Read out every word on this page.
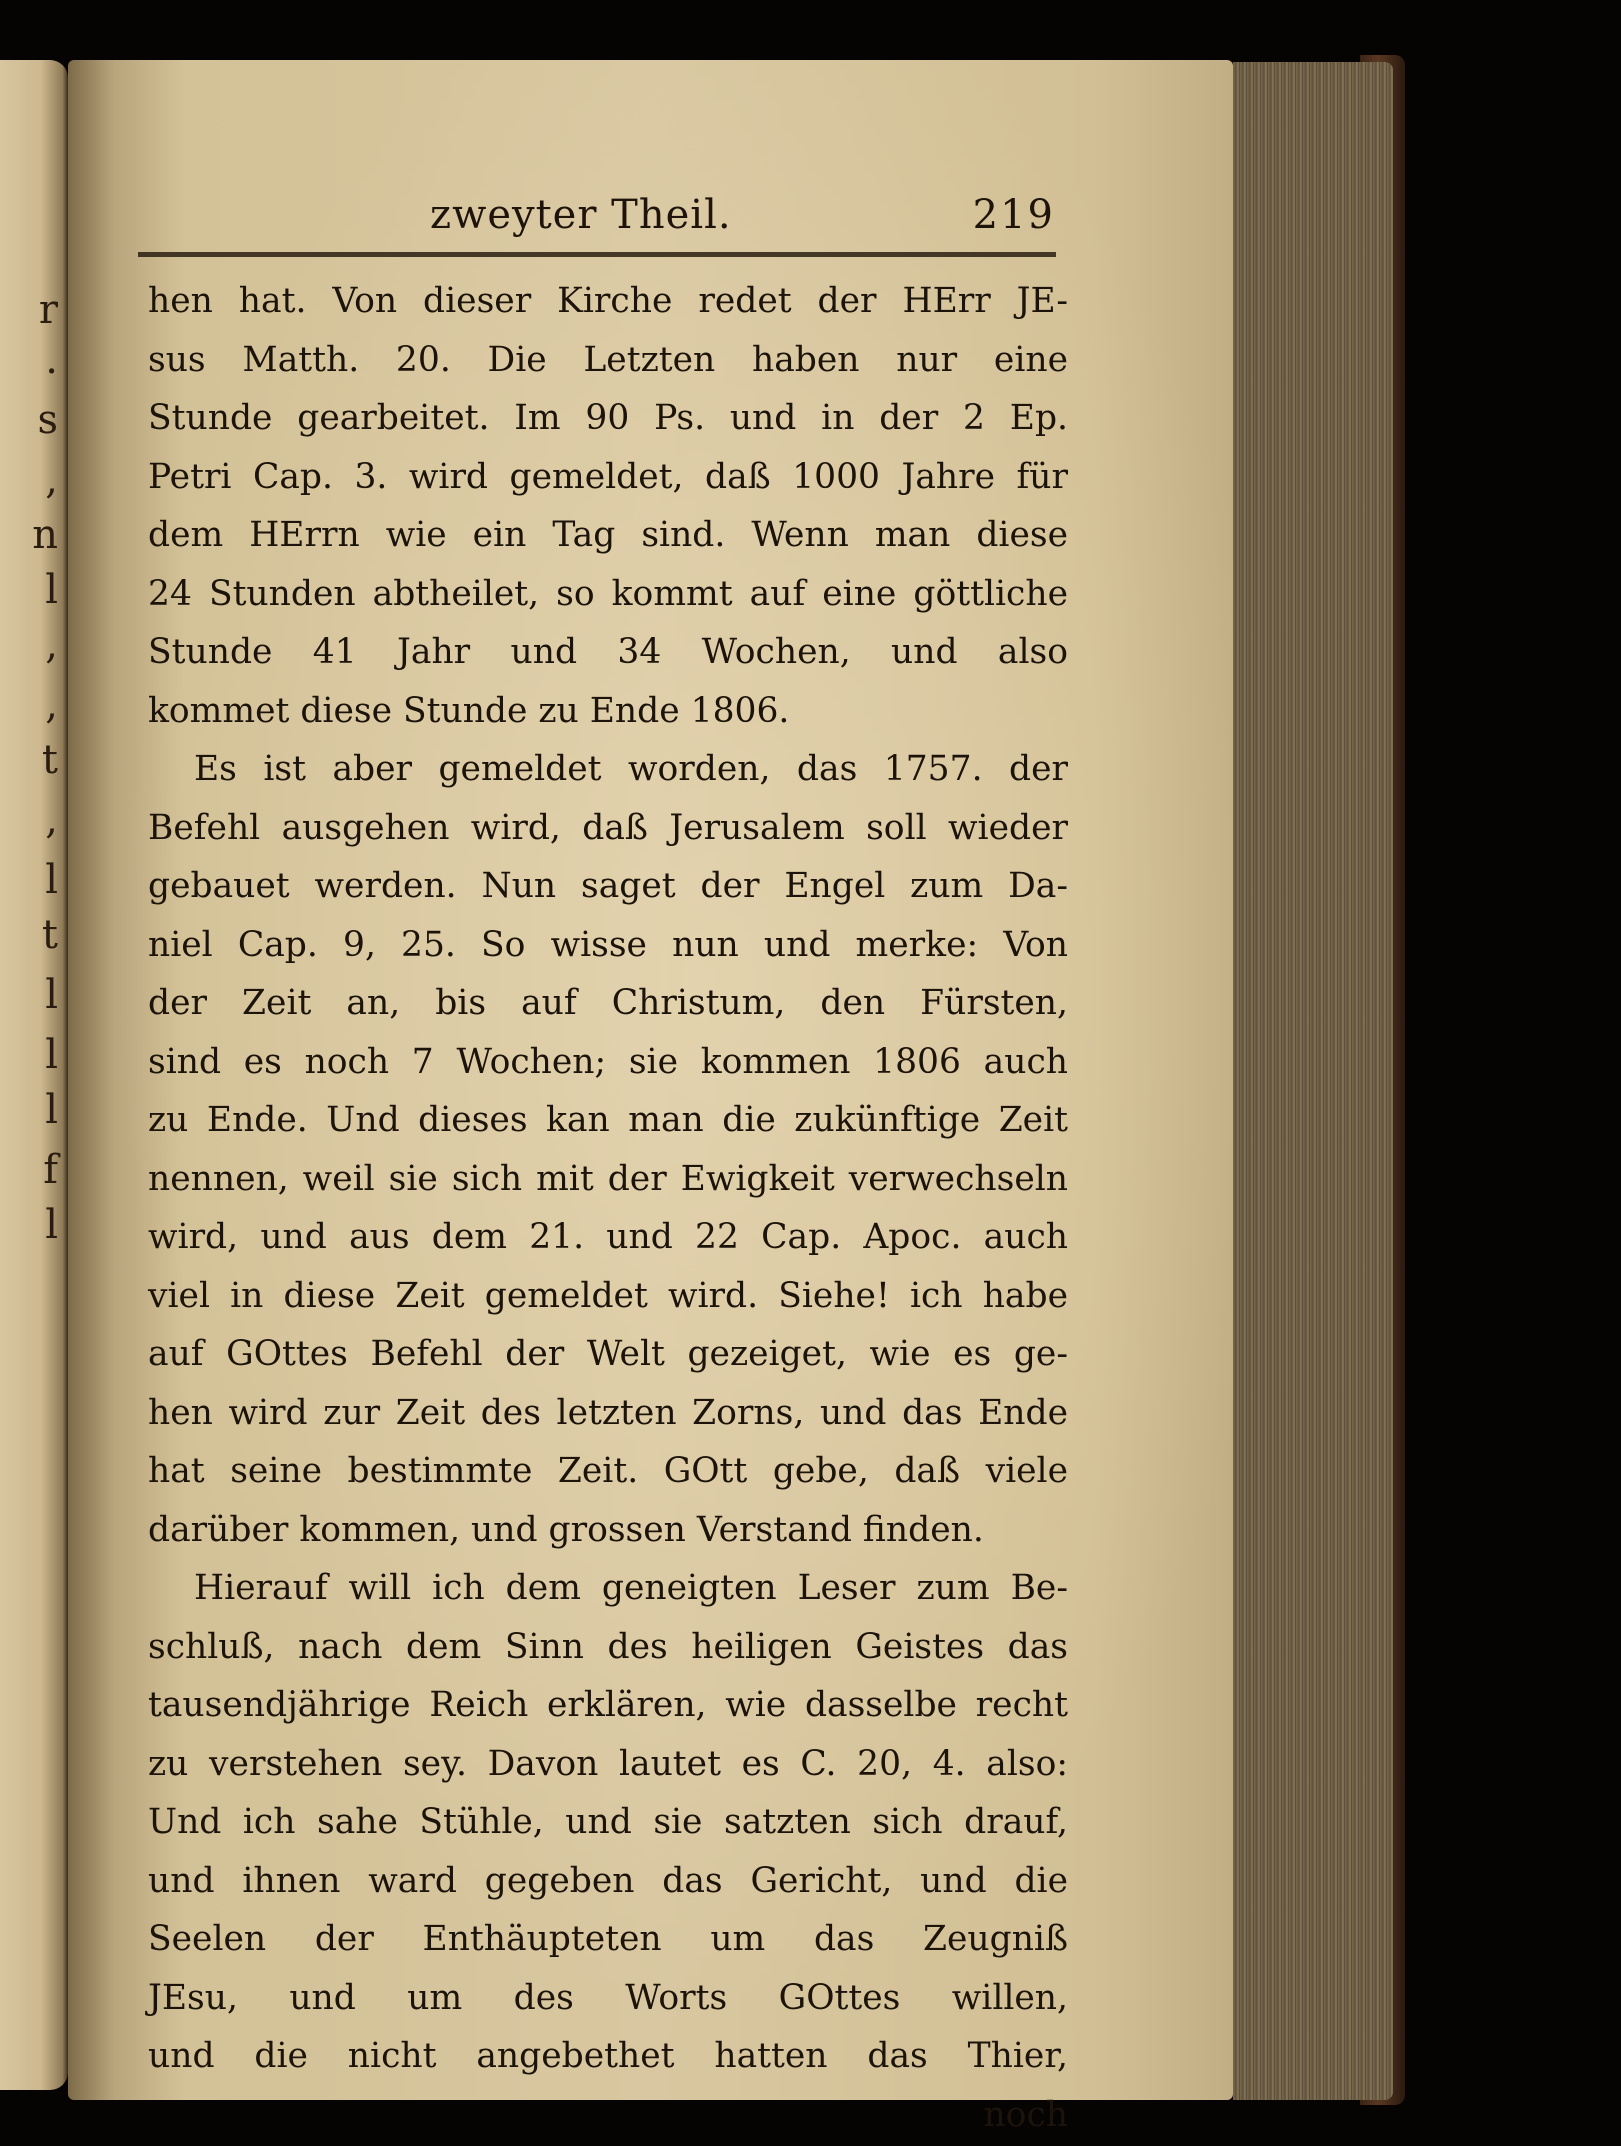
r
.
s
,
n
l
,
,
t
,
l
t
l
l
l
f
l
zweyter Theil.	219
hen hat. Von dieser Kirche redet der HErr JE-
sus Matth. 20. Die Letzten haben nur eine
Stunde gearbeitet. Im 90 Ps. und in der 2 Ep.
Petri Cap. 3. wird gemeldet, daß 1000 Jahre für
dem HErrn wie ein Tag sind. Wenn man diese
24 Stunden abtheilet, so kommt auf eine göttliche
Stunde 41 Jahr und 34 Wochen, und also
kommet diese Stunde zu Ende 1806.
Es ist aber gemeldet worden, das 1757. der
Befehl ausgehen wird, daß Jerusalem soll wieder
gebauet werden. Nun saget der Engel zum Da-
niel Cap. 9, 25. So wisse nun und merke: Von
der Zeit an, bis auf Christum, den Fürsten,
sind es noch 7 Wochen; sie kommen 1806 auch
zu Ende. Und dieses kan man die zukünftige Zeit
nennen, weil sie sich mit der Ewigkeit verwechseln
wird, und aus dem 21. und 22 Cap. Apoc. auch
viel in diese Zeit gemeldet wird. Siehe! ich habe
auf GOttes Befehl der Welt gezeiget, wie es ge-
hen wird zur Zeit des letzten Zorns, und das Ende
hat seine bestimmte Zeit. GOtt gebe, daß viele
darüber kommen, und grossen Verstand finden.
Hierauf will ich dem geneigten Leser zum Be-
schluß, nach dem Sinn des heiligen Geistes das
tausendjährige Reich erklären, wie dasselbe recht
zu verstehen sey. Davon lautet es C. 20, 4. also:
Und ich sahe Stühle, und sie satzten sich drauf,
und ihnen ward gegeben das Gericht, und die
Seelen der Enthäupteten um das Zeugniß
JEsu, und um des Worts GOttes willen,
und die nicht angebethet hatten das Thier,
noch
